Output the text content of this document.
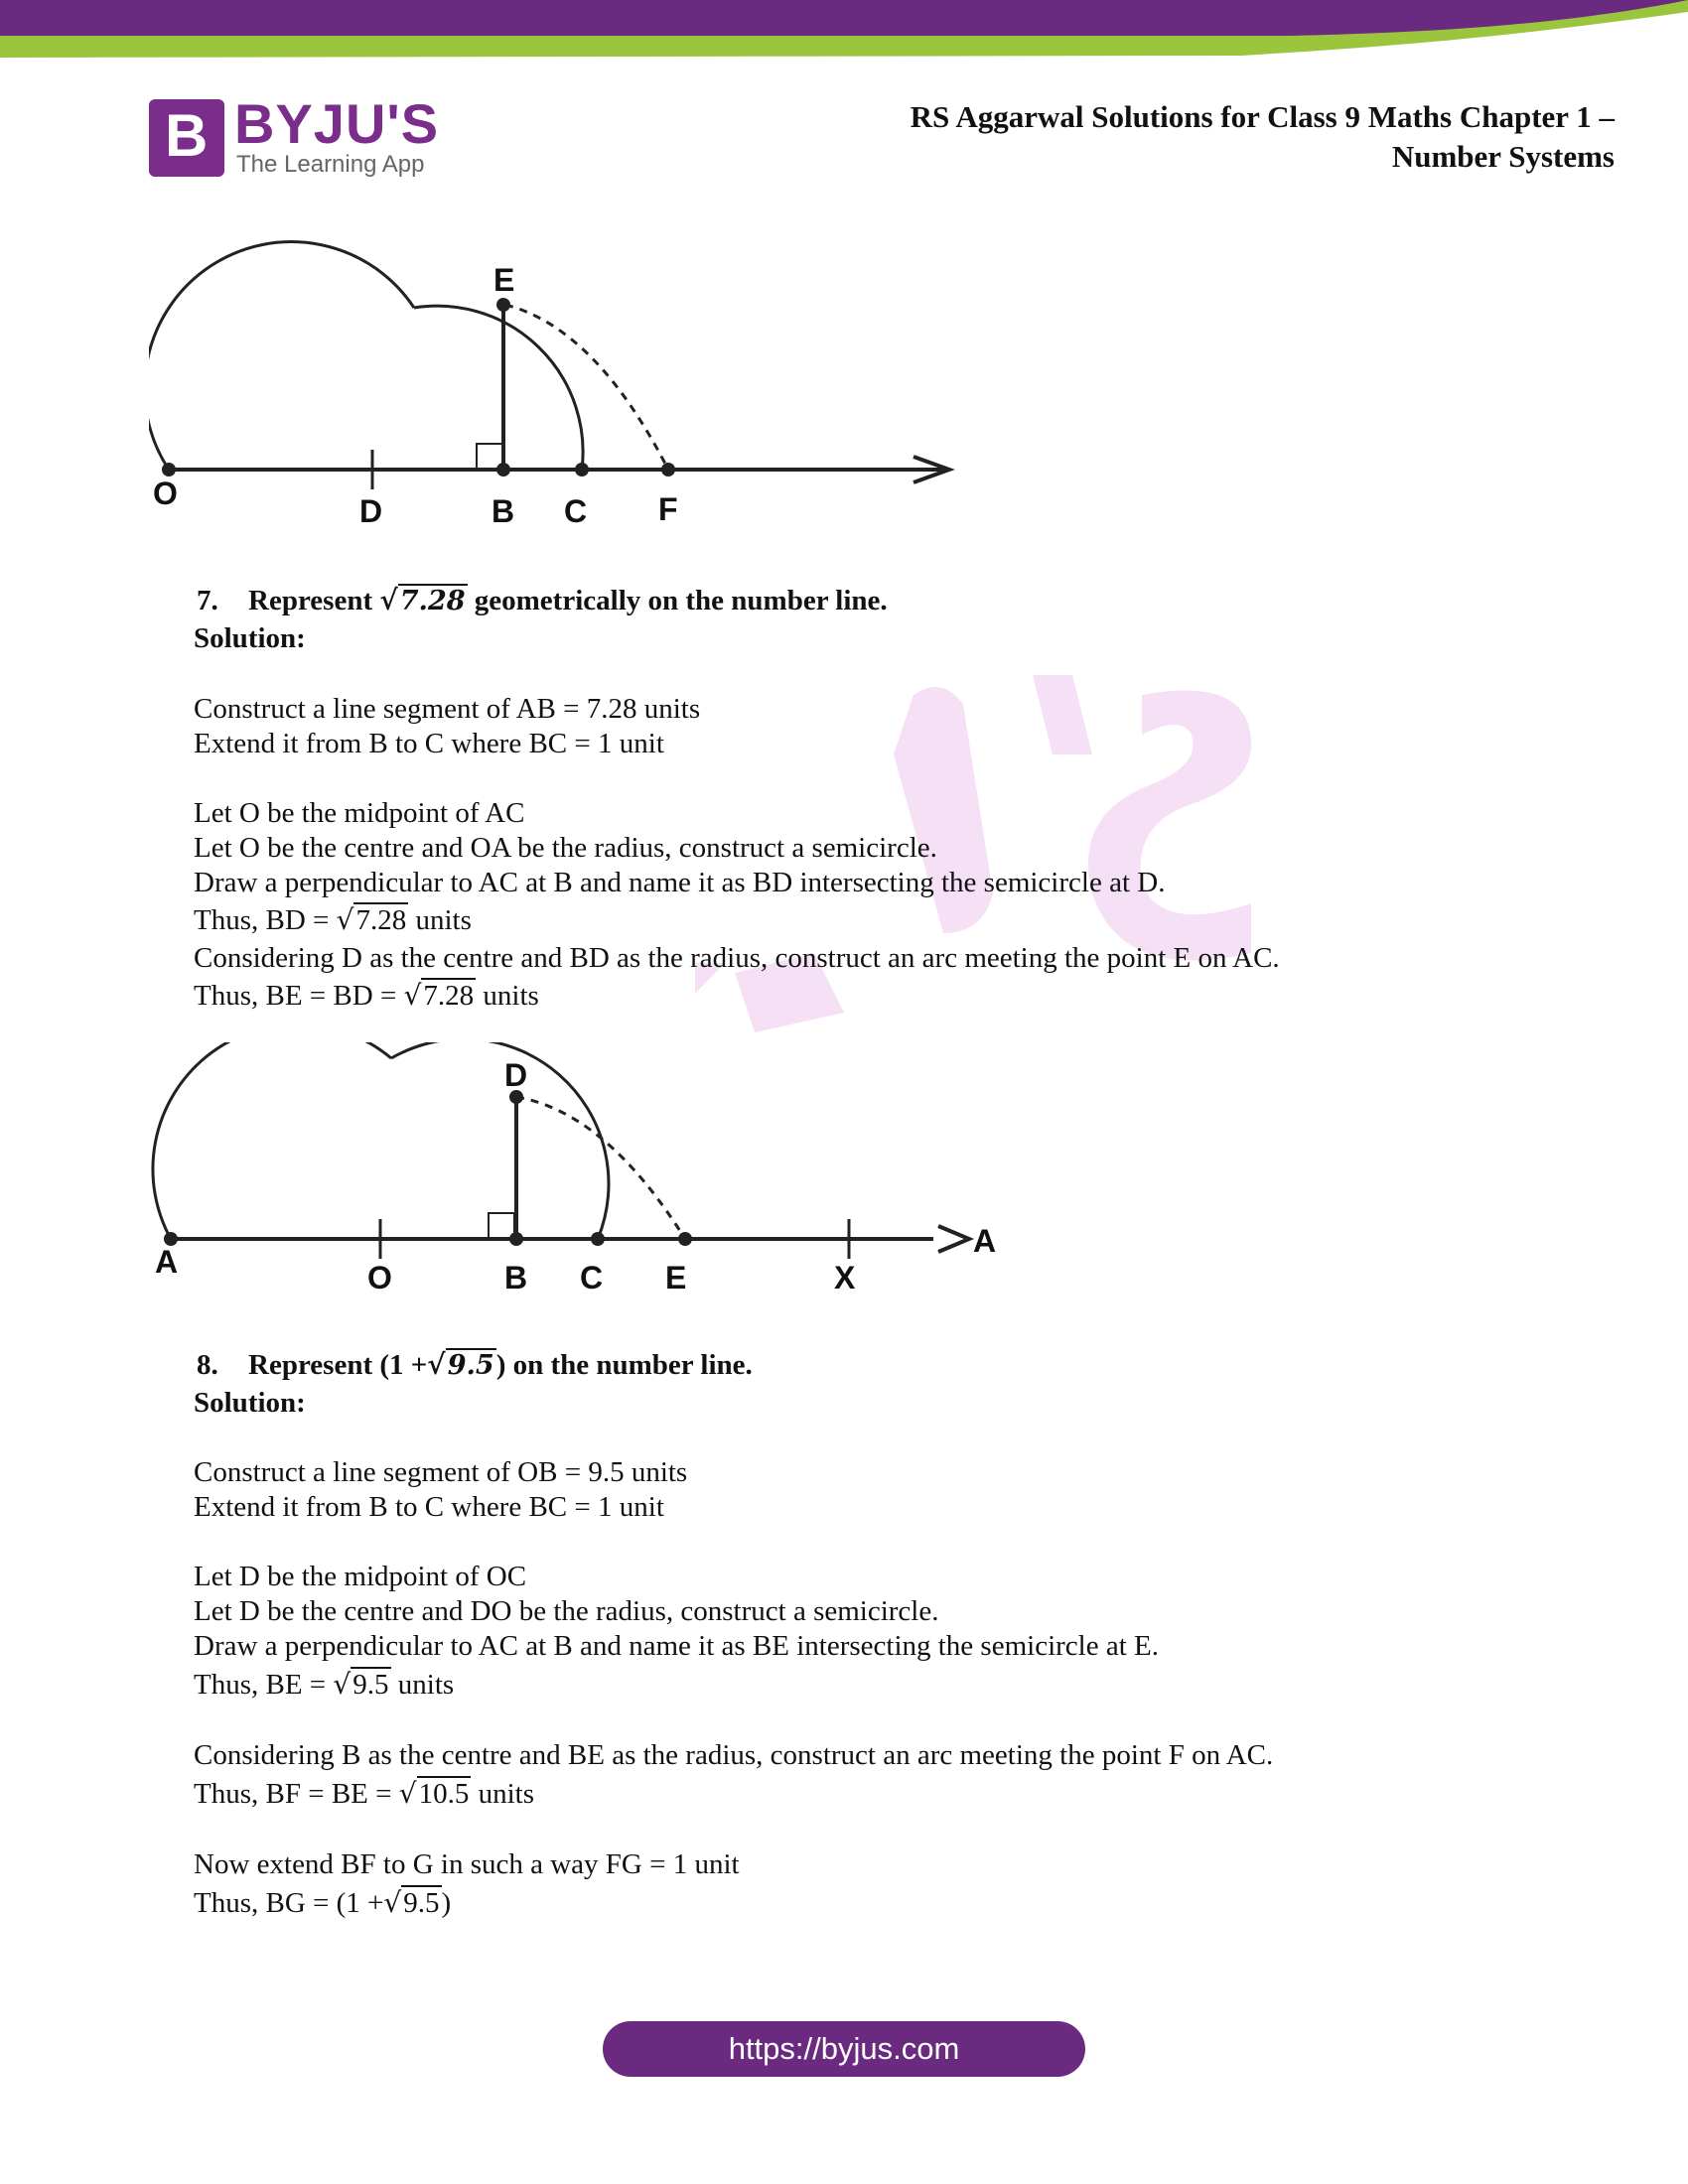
B BYJU'S
The Learning App
RS Aggarwal Solutions for Class 9 Maths Chapter 1 –
Number Systems
O	D	B C F
E
7. Represent √7.28 geometrically on the number line.
Solution:
Construct a line segment of AB = 7.28 units
Extend it from B to C where BC = 1 unit
Let O be the midpoint of AC
Let O be the centre and OA be the radius, construct a semicircle.
Draw a perpendicular to AC at B and name it as BD intersecting the semicircle at D.
Thus, BD = √7.28 units
Considering D as the centre and BD as the radius, construct an arc meeting the point E on AC.
Thus, BE = BD = √7.28 units
A	O	B C E	X
D
A
8. Represent (1 +√9.5) on the number line.
Solution:
Construct a line segment of OB = 9.5 units
Extend it from B to C where BC = 1 unit
Let D be the midpoint of OC
Let D be the centre and DO be the radius, construct a semicircle.
Draw a perpendicular to AC at B and name it as BE intersecting the semicircle at E.
Thus, BE = √9.5 units
Considering B as the centre and BE as the radius, construct an arc meeting the point F on AC.
Thus, BF = BE = √10.5 units
Now extend BF to G in such a way FG = 1 unit
Thus, BG = (1 +√9.5)
https://byjus.com
